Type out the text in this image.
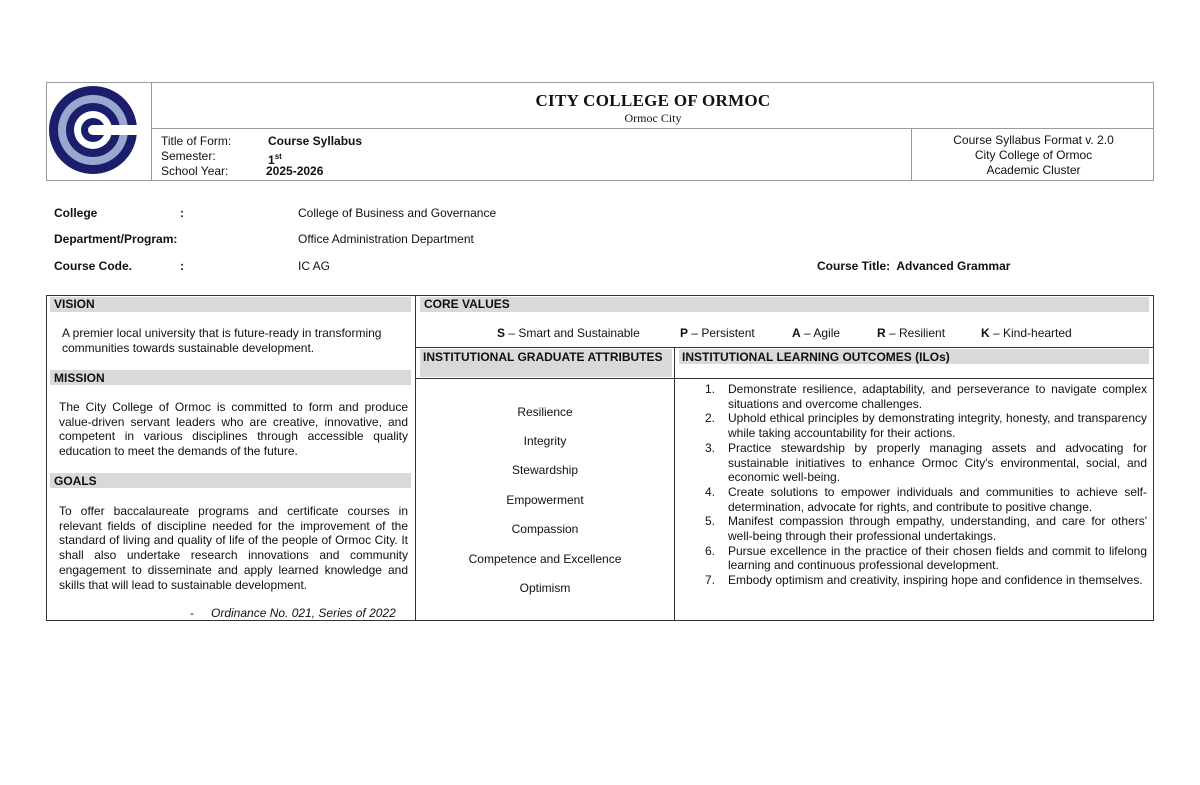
CITY COLLEGE OF ORMOC
Ormoc City
Title of Form:	Course Syllabus
Semester:	1st
School Year:	2025-2026
Course Syllabus Format v. 2.0
City College of Ormoc
Academic Cluster
College	:	College of Business and Governance
Department/Program:	Office Administration Department
Course Code.	:	IC AG	Course Title: Advanced Grammar
VISION
A premier local university that is future-ready in transforming communities towards sustainable development.
MISSION
The City College of Ormoc is committed to form and produce value-driven servant leaders who are creative, innovative, and competent in various disciplines through accessible quality education to meet the demands of the future.
GOALS
To offer baccalaureate programs and certificate courses in relevant fields of discipline needed for the improvement of the standard of living and quality of life of the people of Ormoc City. It shall also undertake research innovations and community engagement to disseminate and apply learned knowledge and skills that will lead to sustainable development.
- Ordinance No. 021, Series of 2022
CORE VALUES
S – Smart and Sustainable	P – Persistent	A – Agile	R – Resilient	K – Kind-hearted
INSTITUTIONAL GRADUATE ATTRIBUTES
Resilience
Integrity
Stewardship
Empowerment
Compassion
Competence and Excellence
Optimism
INSTITUTIONAL LEARNING OUTCOMES (ILOs)
1. Demonstrate resilience, adaptability, and perseverance to navigate complex situations and overcome challenges.
2. Uphold ethical principles by demonstrating integrity, honesty, and transparency while taking accountability for their actions.
3. Practice stewardship by properly managing assets and advocating for sustainable initiatives to enhance Ormoc City's environmental, social, and economic well-being.
4. Create solutions to empower individuals and communities to achieve self-determination, advocate for rights, and contribute to positive change.
5. Manifest compassion through empathy, understanding, and care for others' well-being through their professional undertakings.
6. Pursue excellence in the practice of their chosen fields and commit to lifelong learning and continuous professional development.
7. Embody optimism and creativity, inspiring hope and confidence in themselves.
